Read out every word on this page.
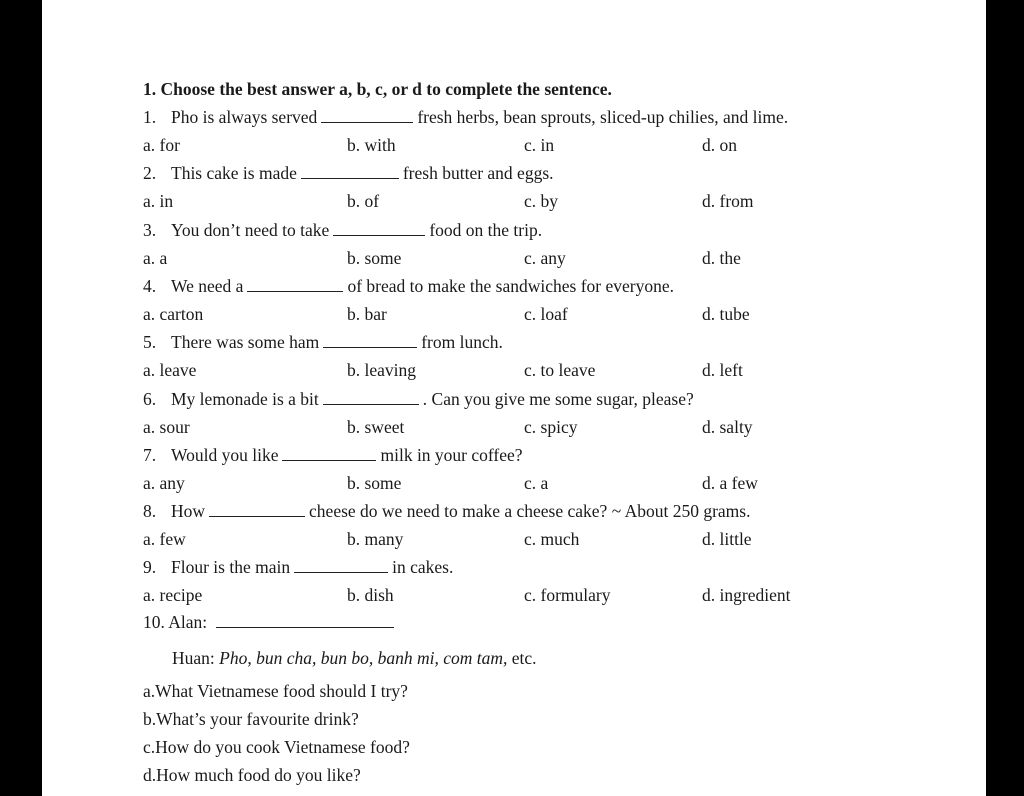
1. Choose the best answer a, b, c, or d to complete the sentence.
1. Pho is always served	fresh herbs, bean sprouts, sliced-up chilies, and lime.
a. for	b. with	c. in	d. on
2. This cake is made	fresh butter and eggs.
a. in	b. of	c. by	d. from
3. You don’t need to take	food on the trip.
a. a	b. some	c. any	d. the
4. We need a	of bread to make the sandwiches for everyone.
a. carton	b. bar	c. loaf	d. tube
5. There was some ham	from lunch.
a. leave	b. leaving	c. to leave	d. left
6. My lemonade is a bit	. Can you give me some sugar, please?
a. sour	b. sweet	c. spicy	d. salty
7. Would you like	milk in your coffee?
a. any	b. some	c. a	d. a few
8. How	cheese do we need to make a cheese cake? ~ About 250 grams.
a. few	b. many	c. much	d. little
9. Flour is the main	in cakes.
a. recipe	b. dish	c. formulary	d. ingredient
10. Alan:
Huan: Pho, bun cha, bun bo, banh mi, com tam, etc.
a.What Vietnamese food should I try?
b.What’s your favourite drink?
c.How do you cook Vietnamese food?
d.How much food do you like?
